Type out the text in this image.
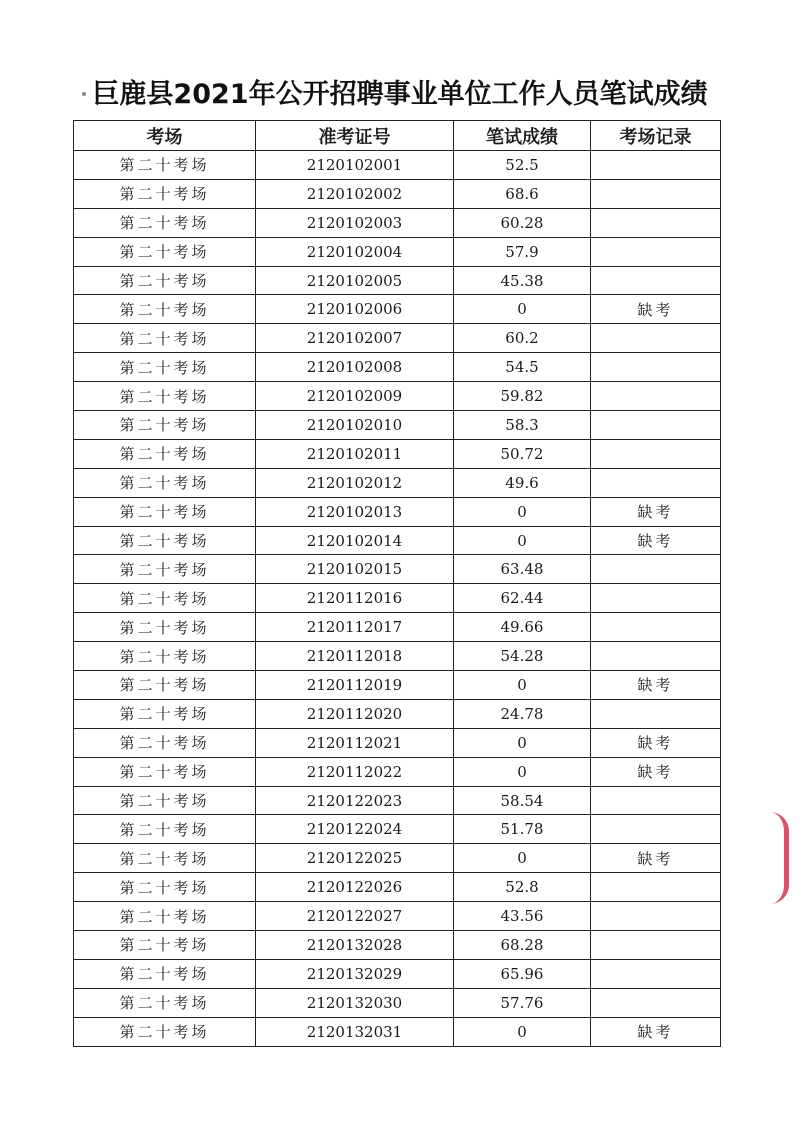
巨鹿县2021年公开招聘事业单位工作人员笔试成绩
考场	准考证号	笔试成绩	考场记录
第二十考场	2120102001	52.5	
第二十考场	2120102002	68.6	
第二十考场	2120102003	60.28	
第二十考场	2120102004	57.9	
第二十考场	2120102005	45.38	
第二十考场	2120102006	0	缺考
第二十考场	2120102007	60.2	
第二十考场	2120102008	54.5	
第二十考场	2120102009	59.82	
第二十考场	2120102010	58.3	
第二十考场	2120102011	50.72	
第二十考场	2120102012	49.6	
第二十考场	2120102013	0	缺考
第二十考场	2120102014	0	缺考
第二十考场	2120102015	63.48	
第二十考场	2120112016	62.44	
第二十考场	2120112017	49.66	
第二十考场	2120112018	54.28	
第二十考场	2120112019	0	缺考
第二十考场	2120112020	24.78	
第二十考场	2120112021	0	缺考
第二十考场	2120112022	0	缺考
第二十考场	2120122023	58.54	
第二十考场	2120122024	51.78	
第二十考场	2120122025	0	缺考
第二十考场	2120122026	52.8	
第二十考场	2120122027	43.56	
第二十考场	2120132028	68.28	
第二十考场	2120132029	65.96	
第二十考场	2120132030	57.76	
第二十考场	2120132031	0	缺考
